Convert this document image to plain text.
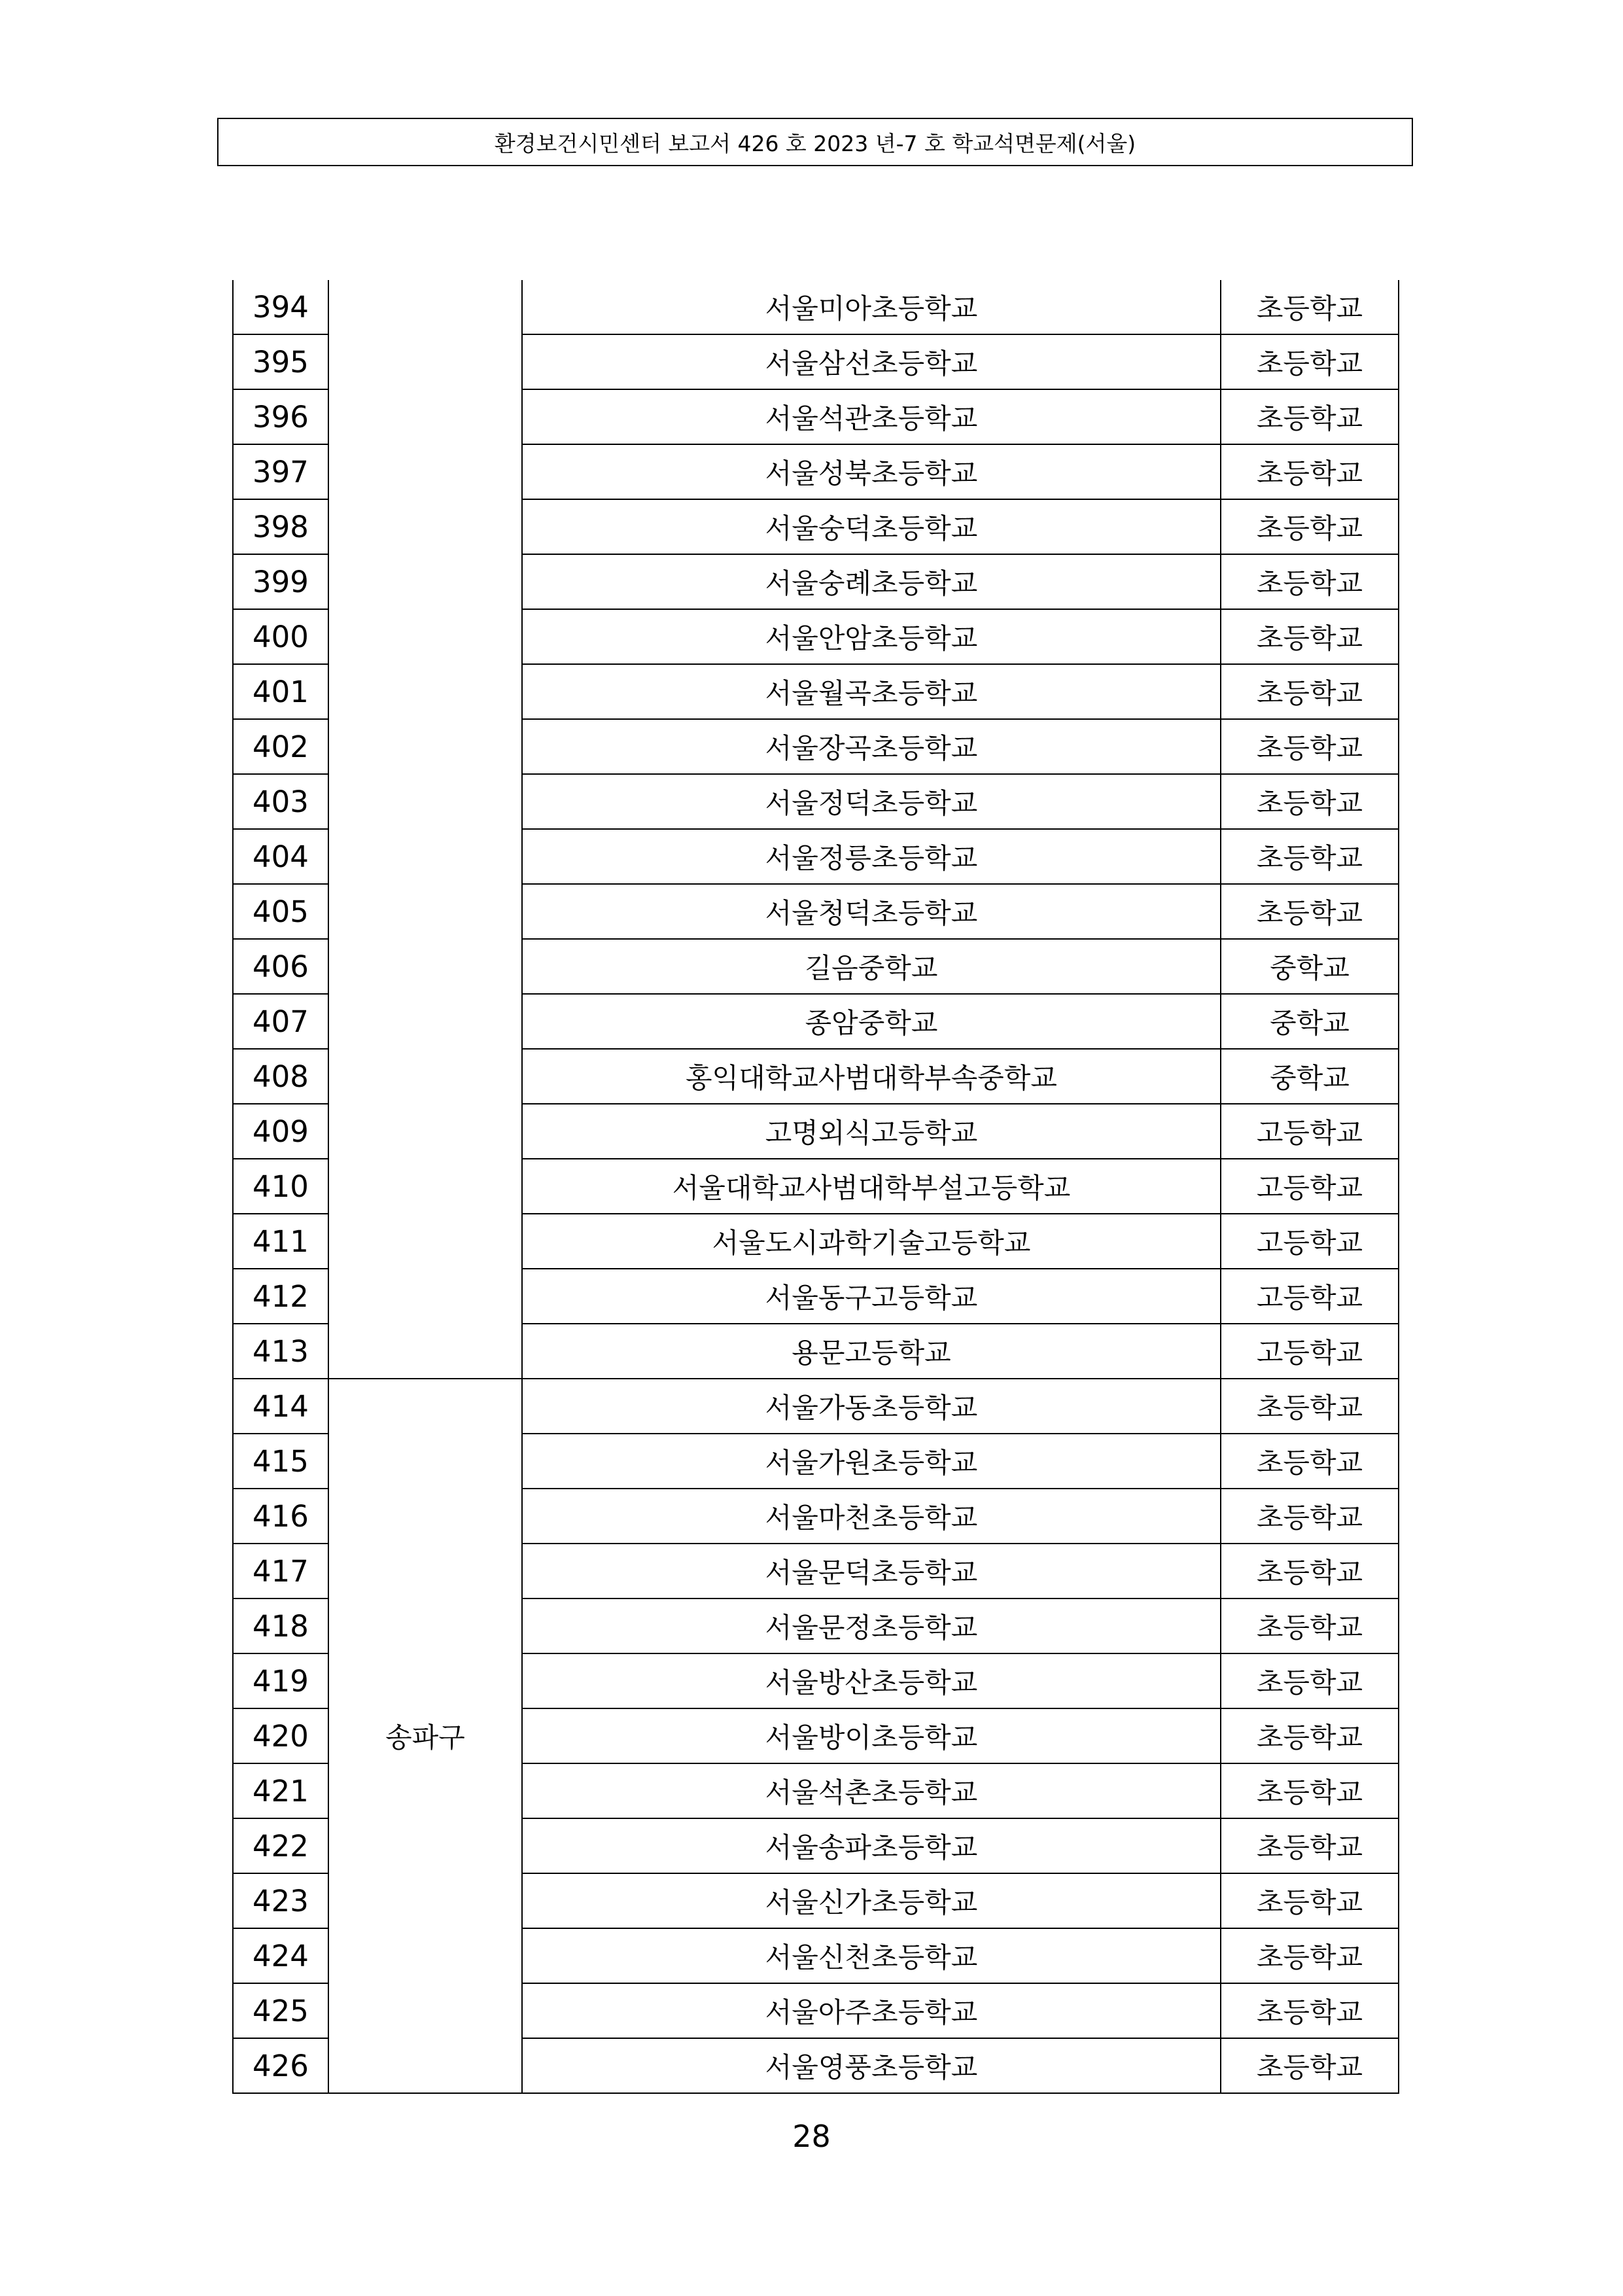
환경보건시민센터 보고서 426 호 2023 년-7 호 학교석면문제(서울)
394		서울미아초등학교	초등학교
395		서울삼선초등학교	초등학교
396		서울석관초등학교	초등학교
397		서울성북초등학교	초등학교
398		서울숭덕초등학교	초등학교
399		서울숭례초등학교	초등학교
400		서울안암초등학교	초등학교
401		서울월곡초등학교	초등학교
402		서울장곡초등학교	초등학교
403		서울정덕초등학교	초등학교
404		서울정릉초등학교	초등학교
405		서울청덕초등학교	초등학교
406		길음중학교	중학교
407		종암중학교	중학교
408		홍익대학교사범대학부속중학교	중학교
409		고명외식고등학교	고등학교
410		서울대학교사범대학부설고등학교	고등학교
411		서울도시과학기술고등학교	고등학교
412		서울동구고등학교	고등학교
413		용문고등학교	고등학교
414	송파구	서울가동초등학교	초등학교
415		서울가원초등학교	초등학교
416		서울마천초등학교	초등학교
417		서울문덕초등학교	초등학교
418		서울문정초등학교	초등학교
419		서울방산초등학교	초등학교
420		서울방이초등학교	초등학교
421		서울석촌초등학교	초등학교
422		서울송파초등학교	초등학교
423		서울신가초등학교	초등학교
424		서울신천초등학교	초등학교
425		서울아주초등학교	초등학교
426		서울영풍초등학교	초등학교
28
